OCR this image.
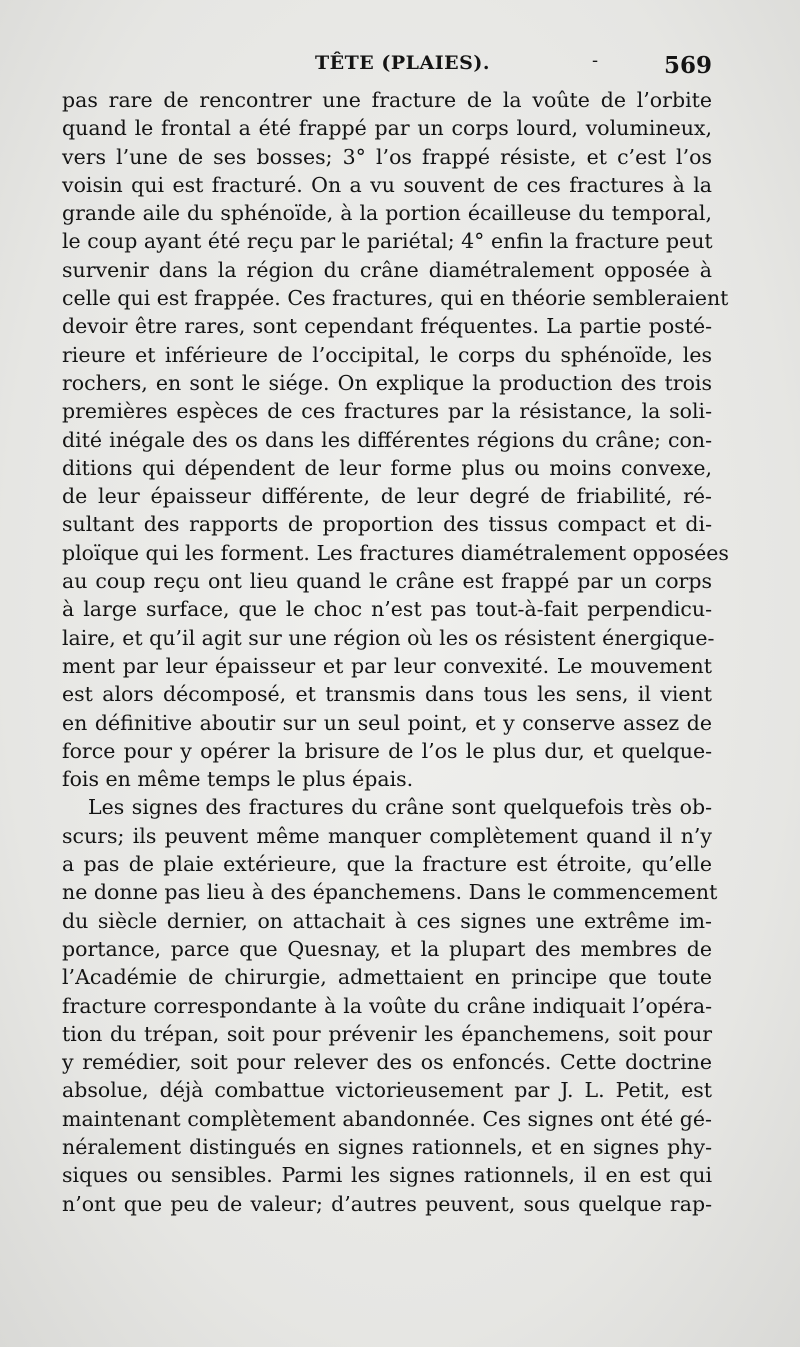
TÊTE (PLAIES).	-	569
pas rare de rencontrer une fracture de la voûte de l’orbite
quand le frontal a été frappé par un corps lourd, volumineux,
vers l’une de ses bosses; 3° l’os frappé résiste, et c’est l’os
voisin qui est fracturé. On a vu souvent de ces fractures à la
grande aile du sphénoïde, à la portion écailleuse du temporal,
le coup ayant été reçu par le pariétal; 4° enfin la fracture peut
survenir dans la région du crâne diamétralement opposée à
celle qui est frappée. Ces fractures, qui en théorie sembleraient
devoir être rares, sont cependant fréquentes. La partie posté-
rieure et inférieure de l’occipital, le corps du sphénoïde, les
rochers, en sont le siége. On explique la production des trois
premières espèces de ces fractures par la résistance, la soli-
dité inégale des os dans les différentes régions du crâne; con-
ditions qui dépendent de leur forme plus ou moins convexe,
de leur épaisseur différente, de leur degré de friabilité, ré-
sultant des rapports de proportion des tissus compact et di-
ploïque qui les forment. Les fractures diamétralement opposées
au coup reçu ont lieu quand le crâne est frappé par un corps
à large surface, que le choc n’est pas tout-à-fait perpendicu-
laire, et qu’il agit sur une région où les os résistent énergique-
ment par leur épaisseur et par leur convexité. Le mouvement
est alors décomposé, et transmis dans tous les sens, il vient
en définitive aboutir sur un seul point, et y conserve assez de
force pour y opérer la brisure de l’os le plus dur, et quelque-
fois en même temps le plus épais.
Les signes des fractures du crâne sont quelquefois très ob-
scurs; ils peuvent même manquer complètement quand il n’y
a pas de plaie extérieure, que la fracture est étroite, qu’elle
ne donne pas lieu à des épanchemens. Dans le commencement
du siècle dernier, on attachait à ces signes une extrême im-
portance, parce que Quesnay, et la plupart des membres de
l’Académie de chirurgie, admettaient en principe que toute
fracture correspondante à la voûte du crâne indiquait l’opéra-
tion du trépan, soit pour prévenir les épanchemens, soit pour
y remédier, soit pour relever des os enfoncés. Cette doctrine
absolue, déjà combattue victorieusement par J. L. Petit, est
maintenant complètement abandonnée. Ces signes ont été gé-
néralement distingués en signes rationnels, et en signes phy-
siques ou sensibles. Parmi les signes rationnels, il en est qui
n’ont que peu de valeur; d’autres peuvent, sous quelque rap-
